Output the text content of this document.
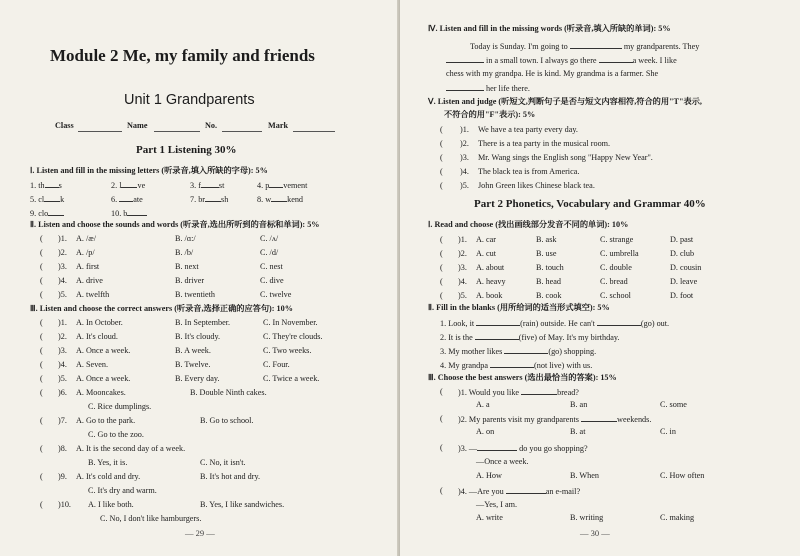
Module 2 Me, my family and friends
Unit 1 Grandparents
Class	Name	No.	Mark
Part 1 Listening 30%
Ⅰ. Listen and fill in the missing letters (听录音,填入所缺的字母): 5%
1. th s	2. l ve	3. f st	4. p vement
5. cl k	6. ate	7. br sh	8. w kend
9. clo	10. b
Ⅱ. Listen and choose the sounds and words (听录音,选出所听到的音标和单词): 5%
( )1. A. /æ/	B. /ɑ:/	C. /ʌ/
( )2. A. /p/	B. /b/	C. /d/
( )3. A. first	B. next	C. nest
( )4. A. drive	B. driver	C. dive
( )5. A. twelfth	B. twentieth	C. twelve
Ⅲ. Listen and choose the correct answers (听录音,选择正确的应答句): 10%
( )1. A. In October.	B. In September.	C. In November.
( )2. A. It's cloud.	B. It's cloudy.	C. They're clouds.
( )3. A. Once a week.	B. A week.	C. Two weeks.
( )4. A. Seven.	B. Twelve.	C. Four.
( )5. A. Once a week.	B. Every day.	C. Twice a week.
( )6. A. Mooncakes.	B. Double Ninth cakes.
C. Rice dumplings.
( )7. A. Go to the park.	B. Go to school.
C. Go to the zoo.
( )8. A. It is the second day of a week.
B. Yes, it is.	C. No, it isn't.
( )9. A. It's cold and dry.	B. It's hot and dry.
C. It's dry and warm.
( )10. A. I like both.	B. Yes, I like sandwiches.
C. No, I don't like hamburgers.
— 29 —
Ⅳ. Listen and fill in the missing words (听录音,填入所缺的单词): 5%
Today is Sunday. I'm going to	my grandparents. They
in a small town. I always go there	a week. I like
chess with my grandpa. He is kind. My grandma is a farmer. She
her life there.
Ⅴ. Listen and judge (听短文,判断句子是否与短文内容相符,符合的用"T"表示,
不符合的用"F"表示): 5%
( )1. We have a tea party every day.
( )2. There is a tea party in the musical room.
( )3. Mr. Wang sings the English song "Happy New Year".
( )4. The black tea is from America.
( )5. John Green likes Chinese black tea.
Part 2 Phonetics, Vocabulary and Grammar 40%
Ⅰ. Read and choose (找出画线部分发音不同的单词): 10%
( )1. A. car	B. ask	C. strange	D. past
( )2. A. cut	B. use	C. umbrella	D. club
( )3. A. about	B. touch	C. double	D. cousin
( )4. A. heavy	B. head	C. bread	D. leave
( )5. A. book	B. cook	C. school	D. foot
Ⅱ. Fill in the blanks (用所给词的适当形式填空): 5%
1. Look, it	(rain) outside. He can't	(go) out.
2. It is the	(five) of May. It's my birthday.
3. My mother likes	(go) shopping.
4. My grandpa	(not live) with us.
Ⅲ. Choose the best answers (选出最恰当的答案): 15%
( )1. Would you like	bread?
A. a	B. an	C. some
( )2. My parents visit my grandparents	weekends.
A. on	B. at	C. in
( )3. —	do you go shopping?
—Once a week.
A. How	B. When	C. How often
( )4. —Are you	an e-mail?
—Yes, I am.
A. write	B. writing	C. making
— 30 —
